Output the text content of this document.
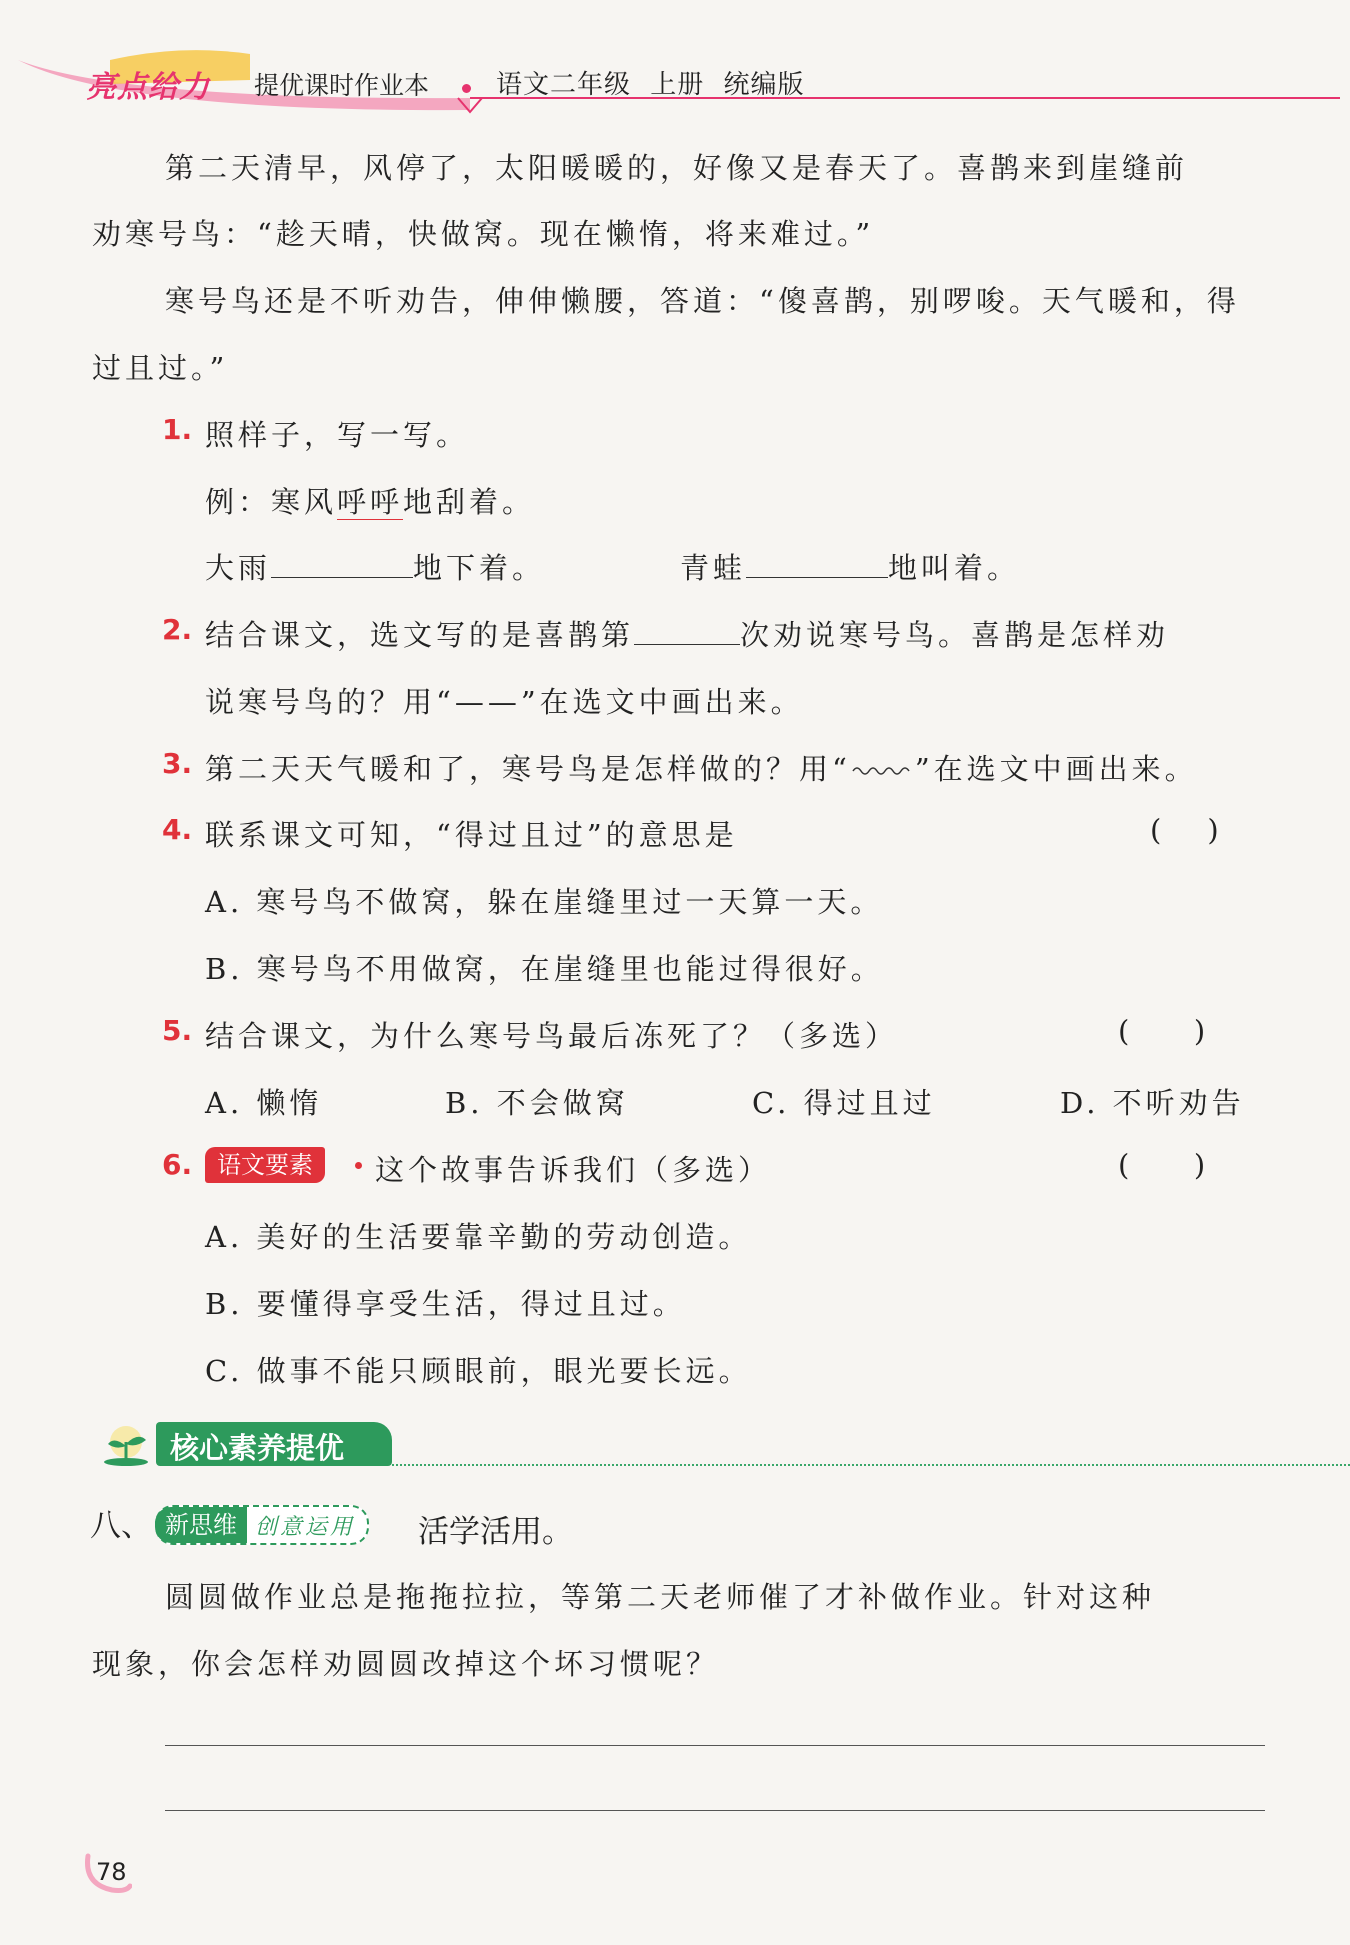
亮点给力 提优课时作业本	语文二年级 上册 统编版
第二天清早，风停了，太阳暖暖的，好像又是春天了。喜鹊来到崖缝前
劝寒号鸟：“趁天晴，快做窝。现在懒惰，将来难过。”
寒号鸟还是不听劝告，伸伸懒腰，答道：“傻喜鹊，别啰唆。天气暖和，得
过且过。”
1. 照样子，写一写。
例：寒风呼呼地刮着。
大雨	地下着。	青蛙	地叫着。
2. 结合课文，选文写的是喜鹊第	次劝说寒号鸟。喜鹊是怎样劝
说寒号鸟的？用“——”在选文中画出来。
3. 第二天天气暖和了，寒号鸟是怎样做的？用“ ”在选文中画出来。
4. 联系课文可知，“得过且过”的意思是	(     )
A. 寒号鸟不做窝，躲在崖缝里过一天算一天。
B. 寒号鸟不用做窝，在崖缝里也能过得很好。
5. 结合课文，为什么寒号鸟最后冻死了？（多选）	(       )
A. 懒惰	B. 不会做窝	C. 得过且过	D. 不听劝告
6.	语文要素	这个故事告诉我们（多选）	(       )
A. 美好的生活要靠辛勤的劳动创造。
B. 要懂得享受生活，得过且过。
C. 做事不能只顾眼前，眼光要长远。
核心素养提优
八、 新思维 创意运用 活学活用。
圆圆做作业总是拖拖拉拉，等第二天老师催了才补做作业。针对这种
现象，你会怎样劝圆圆改掉这个坏习惯呢？
78
